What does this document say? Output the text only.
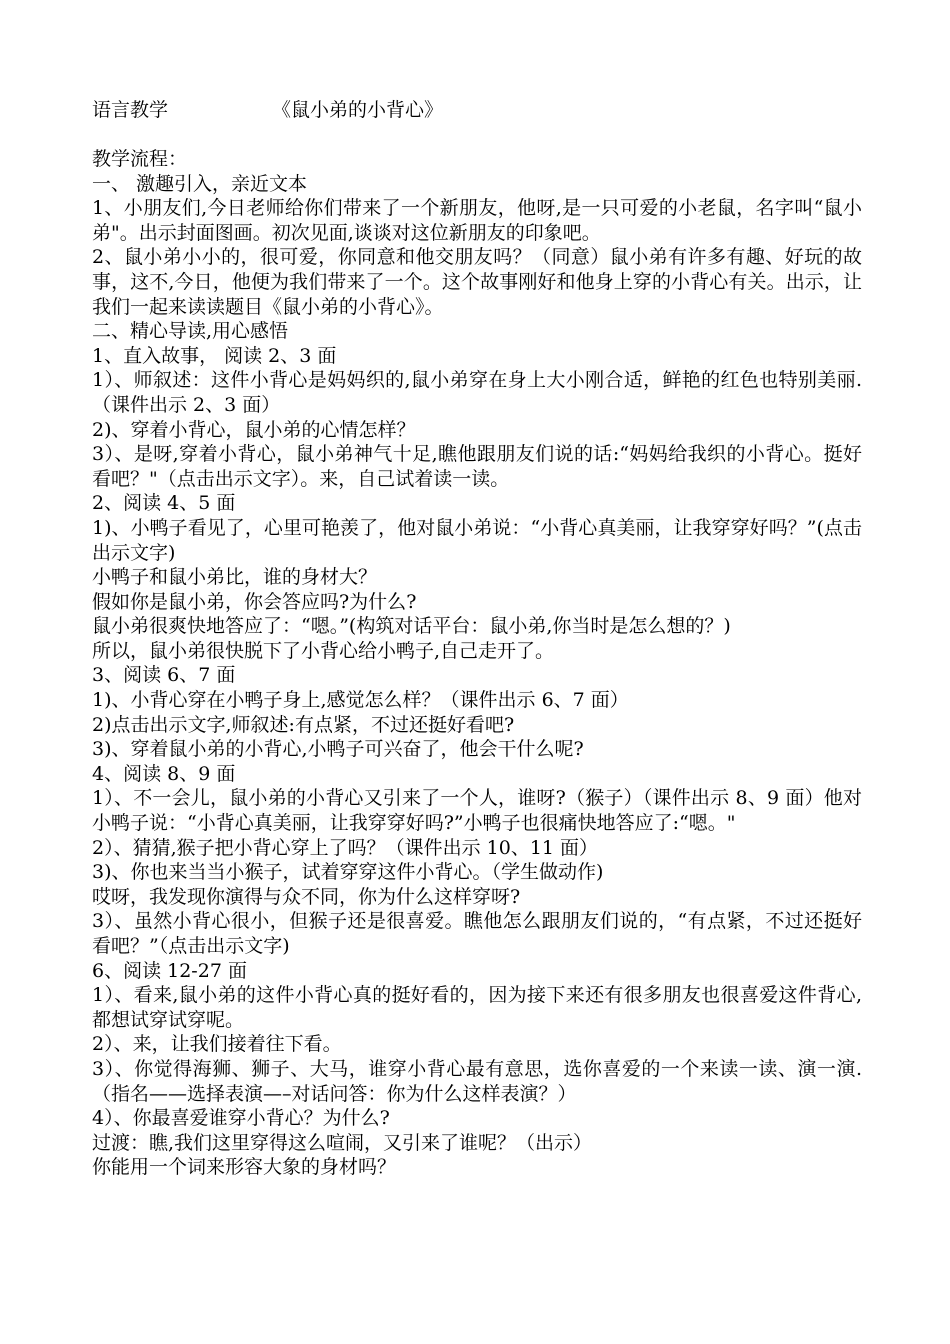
语言教学	《鼠小弟的小背心》
教学流程：
一、 激趣引入，亲近文本
1、小朋友们,今日老师给你们带来了一个新朋友，他呀,是一只可爱的小老鼠，名字叫“鼠小弟"。出示封面图画。初次见面,谈谈对这位新朋友的印象吧。
2、鼠小弟小小的，很可爱，你同意和他交朋友吗？（同意）鼠小弟有许多有趣、好玩的故事，这不,今日，他便为我们带来了一个。这个故事刚好和他身上穿的小背心有关。出示，让我们一起来读读题目《鼠小弟的小背心》。
二、精心导读,用心感悟
1、直入故事， 阅读 2、3 面
1）、师叙述：这件小背心是妈妈织的,鼠小弟穿在身上大小刚合适，鲜艳的红色也特别美丽.（课件出示 2、3 面）
2)、穿着小背心，鼠小弟的心情怎样？
3）、是呀,穿着小背心，鼠小弟神气十足,瞧他跟朋友们说的话:“妈妈给我织的小背心。挺好看吧？"（点击出示文字）。来，自己试着读一读。
2、阅读 4、5 面
1)、小鸭子看见了，心里可艳羡了，他对鼠小弟说：“小背心真美丽，让我穿穿好吗？”(点击出示文字)
小鸭子和鼠小弟比，谁的身材大？
假如你是鼠小弟，你会答应吗?为什么?
鼠小弟很爽快地答应了：“嗯。”(构筑对话平台：鼠小弟,你当时是怎么想的？)
所以，鼠小弟很快脱下了小背心给小鸭子,自己走开了。
3、阅读 6、7 面
1)、小背心穿在小鸭子身上,感觉怎么样？（课件出示 6、7 面）
2)点击出示文字,师叙述:有点紧，不过还挺好看吧?
3)、穿着鼠小弟的小背心,小鸭子可兴奋了，他会干什么呢?
4、阅读 8、9 面
1）、不一会儿，鼠小弟的小背心又引来了一个人，谁呀?（猴子）（课件出示 8、9 面）他对小鸭子说：“小背心真美丽，让我穿穿好吗?”小鸭子也很痛快地答应了:“嗯。"
2）、猜猜,猴子把小背心穿上了吗？（课件出示 10、11 面）
3)、你也来当当小猴子，试着穿穿这件小背心。（学生做动作)
哎呀，我发现你演得与众不同，你为什么这样穿呀?
3）、虽然小背心很小，但猴子还是很喜爱。瞧他怎么跟朋友们说的，“有点紧，不过还挺好看吧？”（点击出示文字)
6、阅读 12-27 面
1）、看来,鼠小弟的这件小背心真的挺好看的，因为接下来还有很多朋友也很喜爱这件背心,都想试穿试穿呢。
2）、来，让我们接着往下看。
3）、你觉得海狮、狮子、大马，谁穿小背心最有意思，选你喜爱的一个来读一读、演一演.（指名——选择表演—–对话问答：你为什么这样表演？）
4）、你最喜爱谁穿小背心？为什么?
过渡：瞧,我们这里穿得这么喧闹，又引来了谁呢？（出示）
你能用一个词来形容大象的身材吗？
